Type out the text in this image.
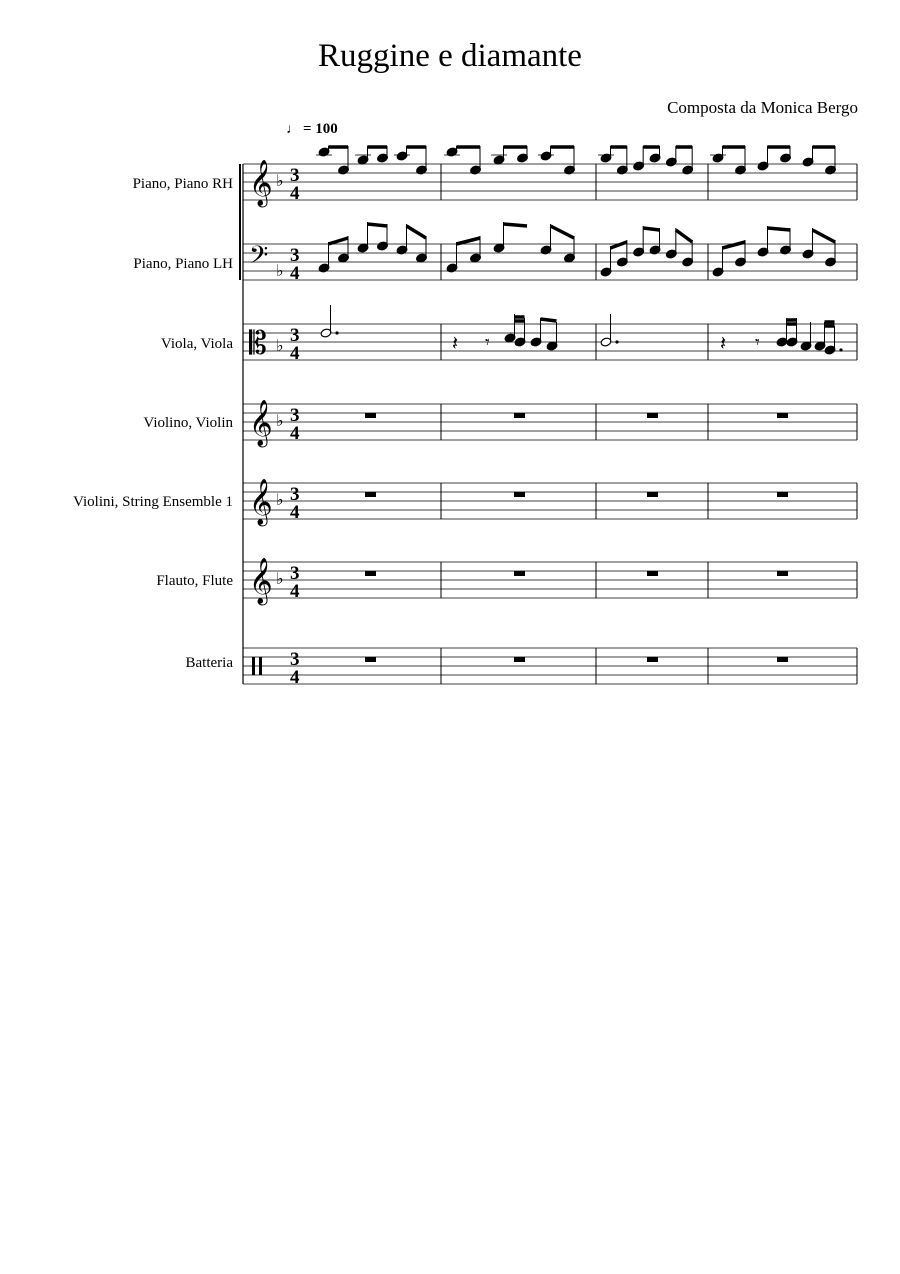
Ruggine e diamante
Composta da Monica Bergo
♩ = 100
Piano, Piano RH
Piano, Piano LH
Viola, Viola
Violino, Violin
Violini, String Ensemble 1
Flauto, Flute
Batteria
𝄞 ♭ 3
4
𝄢 ♭
3
4
𝄡 ♭ 3
4
𝄞 ♭ 3
4
𝄞 ♭ 3
4
𝄞 ♭ 3
4
3
4
𝄽 𝄾	𝄽 𝄾
